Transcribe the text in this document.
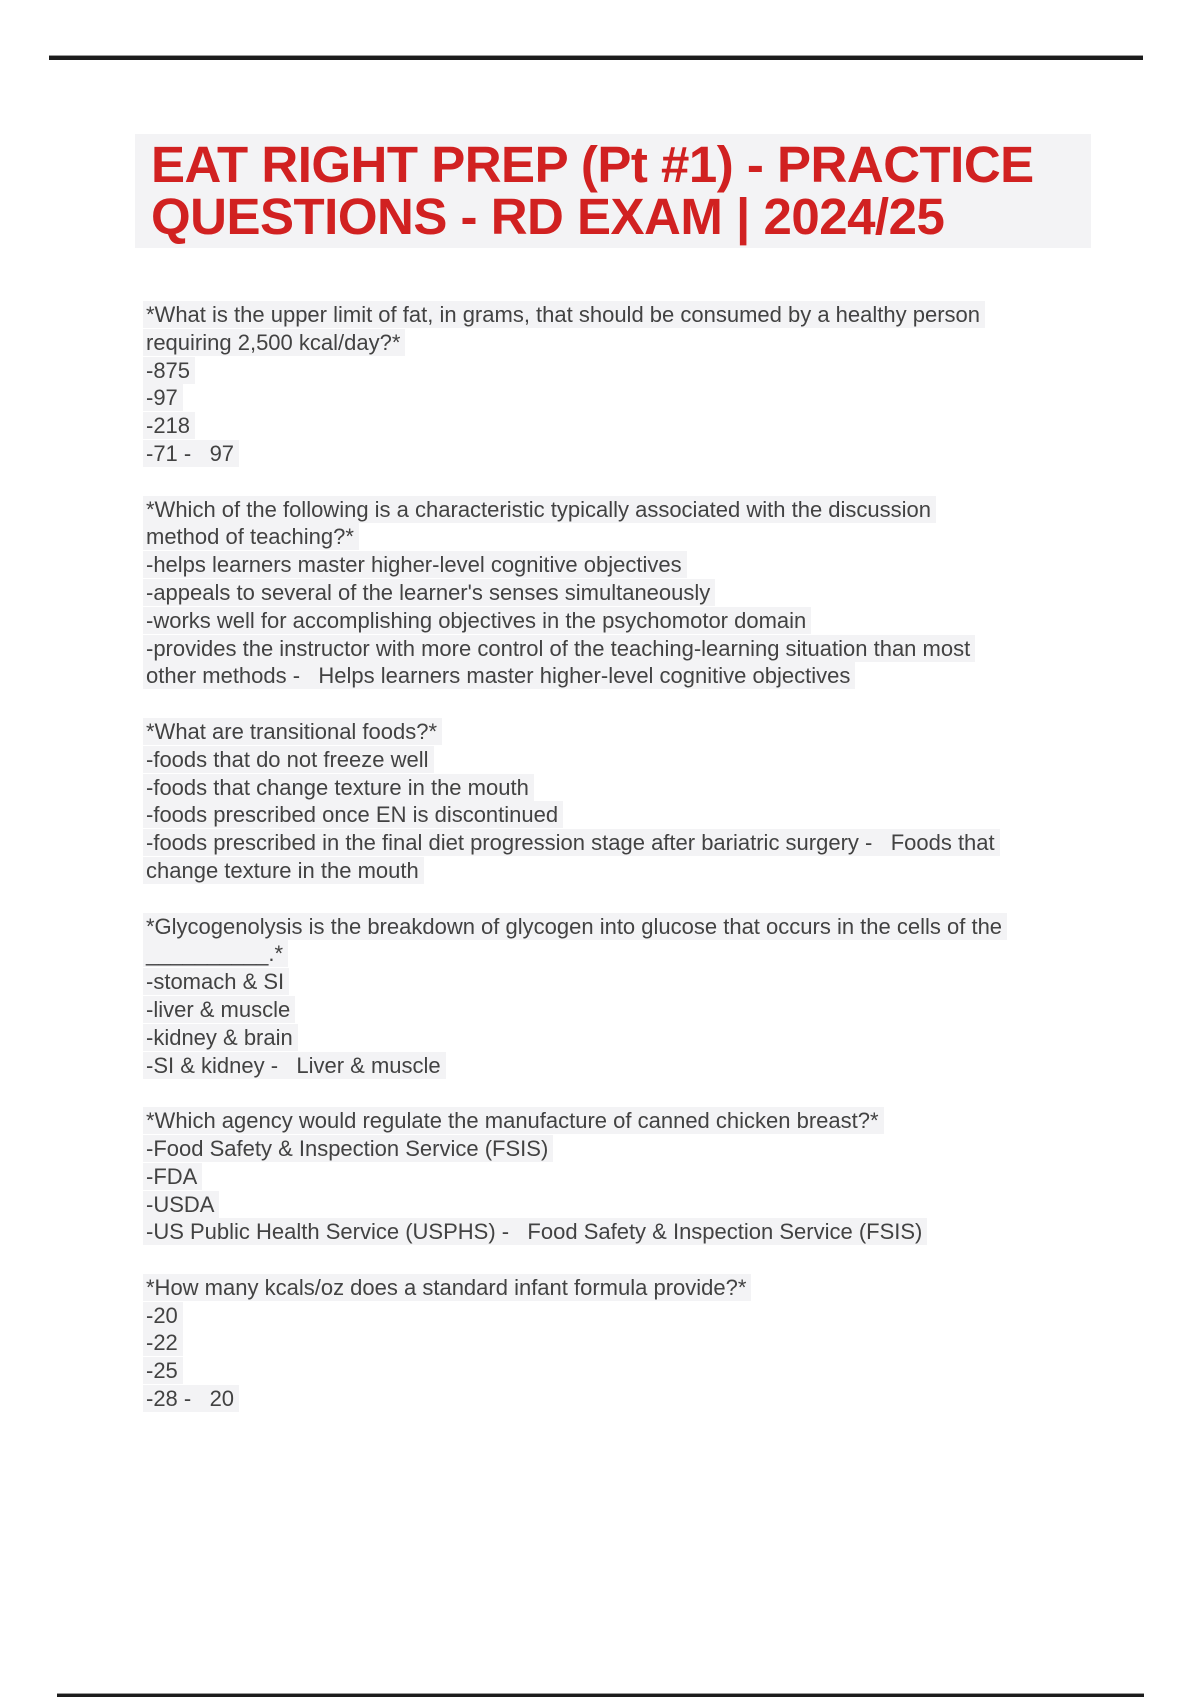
EAT RIGHT PREP (Pt #1) - PRACTICE
QUESTIONS - RD EXAM | 2024/25
*What is the upper limit of fat, in grams, that should be consumed by a healthy person
requiring 2,500 kcal/day?*
-875
-97
-218
-71 -   97
*Which of the following is a characteristic typically associated with the discussion
method of teaching?*
-helps learners master higher-level cognitive objectives
-appeals to several of the learner's senses simultaneously
-works well for accomplishing objectives in the psychomotor domain
-provides the instructor with more control of the teaching-learning situation than most
other methods -   Helps learners master higher-level cognitive objectives
*What are transitional foods?*
-foods that do not freeze well
-foods that change texture in the mouth
-foods prescribed once EN is discontinued
-foods prescribed in the final diet progression stage after bariatric surgery -   Foods that
change texture in the mouth
*Glycogenolysis is the breakdown of glycogen into glucose that occurs in the cells of the
__________.*
-stomach & SI
-liver & muscle
-kidney & brain
-SI & kidney -   Liver & muscle
*Which agency would regulate the manufacture of canned chicken breast?*
-Food Safety & Inspection Service (FSIS)
-FDA
-USDA
-US Public Health Service (USPHS) -   Food Safety & Inspection Service (FSIS)
*How many kcals/oz does a standard infant formula provide?*
-20
-22
-25
-28 -   20
